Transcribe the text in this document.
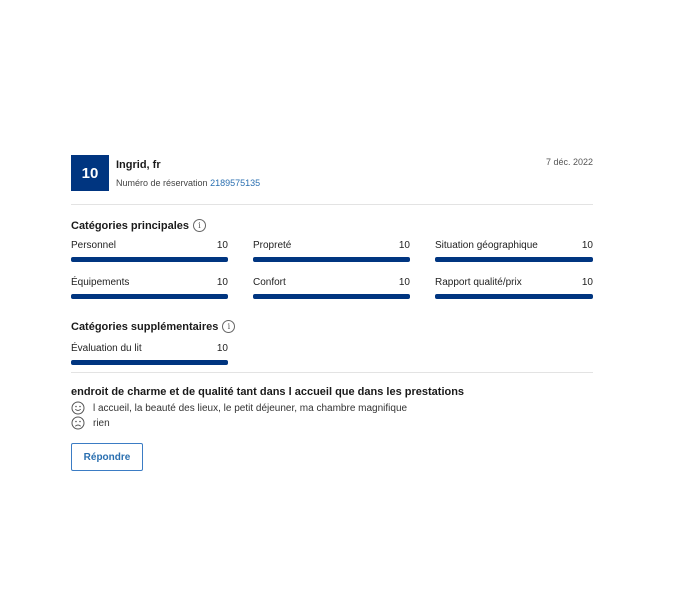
10	Ingrid, fr
Numéro de réservation 2189575135
7 déc. 2022
Catégories principales	i
Personnel	10	Propreté	10	Situation géographique	10
Équipements	10	Confort	10	Rapport qualité/prix	10
Catégories supplémentaires	i
Évaluation du lit	10
endroit de charme et de qualité tant dans l accueil que dans les prestations
l accueil, la beauté des lieux, le petit déjeuner, ma chambre magnifique
rien
Répondre
